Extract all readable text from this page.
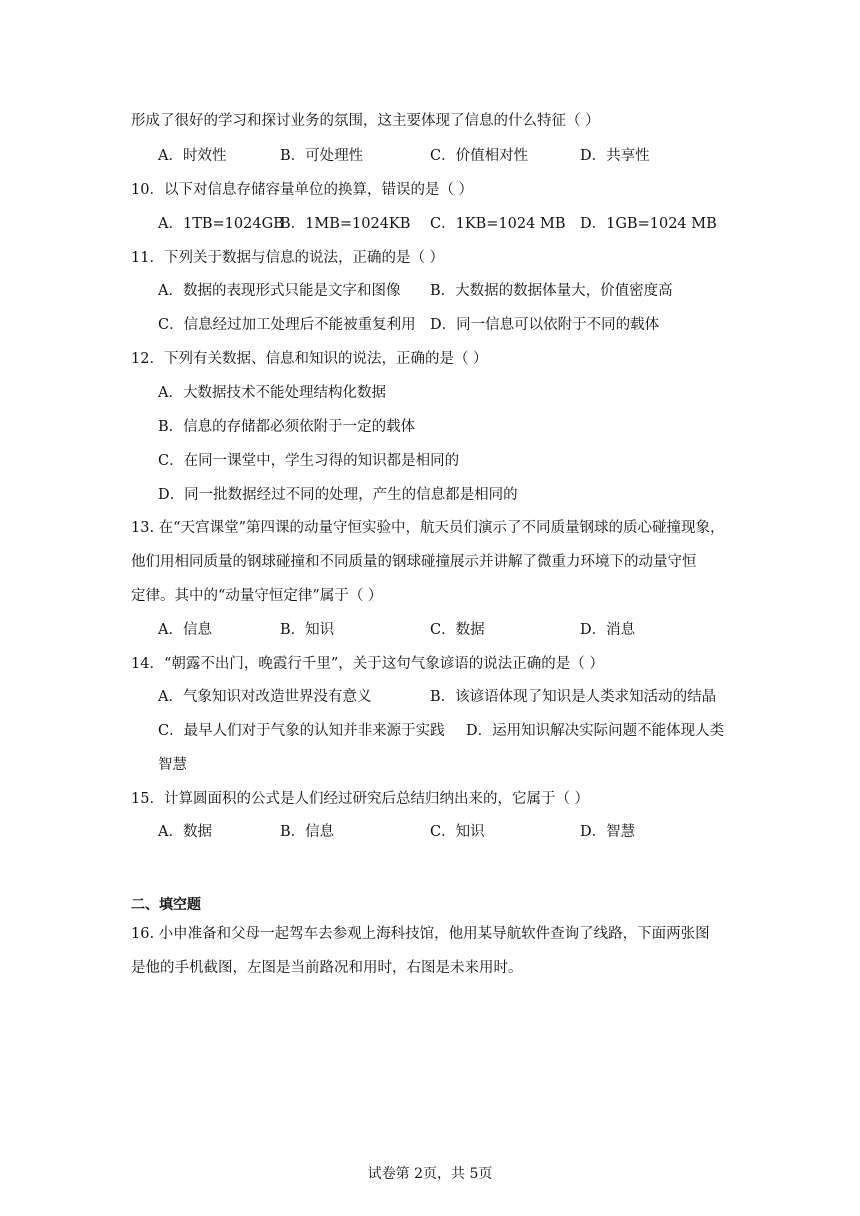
形成了很好的学习和探讨业务的氛围，这主要体现了信息的什么特征（ ）
A．时效性	B．可处理性	C．价值相对性	D．共享性
10．以下对信息存储容量单位的换算，错误的是（ ）
A．1TB=1024GB
B．1MB=1024KB C．1KB=1024 MB D．1GB=1024 MB
11．下列关于数据与信息的说法，正确的是（ ）
A．数据的表现形式只能是文字和图像 B．大数据的数据体量大，价值密度高
C．信息经过加工处理后不能被重复利用 D．同一信息可以依附于不同的载体
12．下列有关数据、信息和知识的说法，正确的是（ ）
A．大数据技术不能处理结构化数据
B．信息的存储都必须依附于一定的载体
C．在同一课堂中，学生习得的知识都是相同的
D．同一批数据经过不同的处理，产生的信息都是相同的
13. 在“天宫课堂”第四课的动量守恒实验中，航天员们演示了不同质量钢球的质心碰撞现象，
他们用相同质量的钢球碰撞和不同质量的钢球碰撞展示并讲解了微重力环境下的动量守恒
定律。其中的“动量守恒定律”属于（ ）
A．信息	B．知识	C．数据	D．消息
14．“朝露不出门，晚霞行千里”，关于这句气象谚语的说法正确的是（ ）
A．气象知识对改造世界没有意义	B．该谚语体现了知识是人类求知活动的结晶
C．最早人们对于气象的认知并非来源于实践 D．运用知识解决实际问题不能体现人类
智慧
15．计算圆面积的公式是人们经过研究后总结归纳出来的，它属于（ ）
A．数据	B．信息	C．知识	D．智慧
二、填空题
16. 小申准备和父母一起驾车去参观上海科技馆，他用某导航软件查询了线路，下面两张图
是他的手机截图，左图是当前路况和用时，右图是未来用时。
试卷第 2页，共 5页
